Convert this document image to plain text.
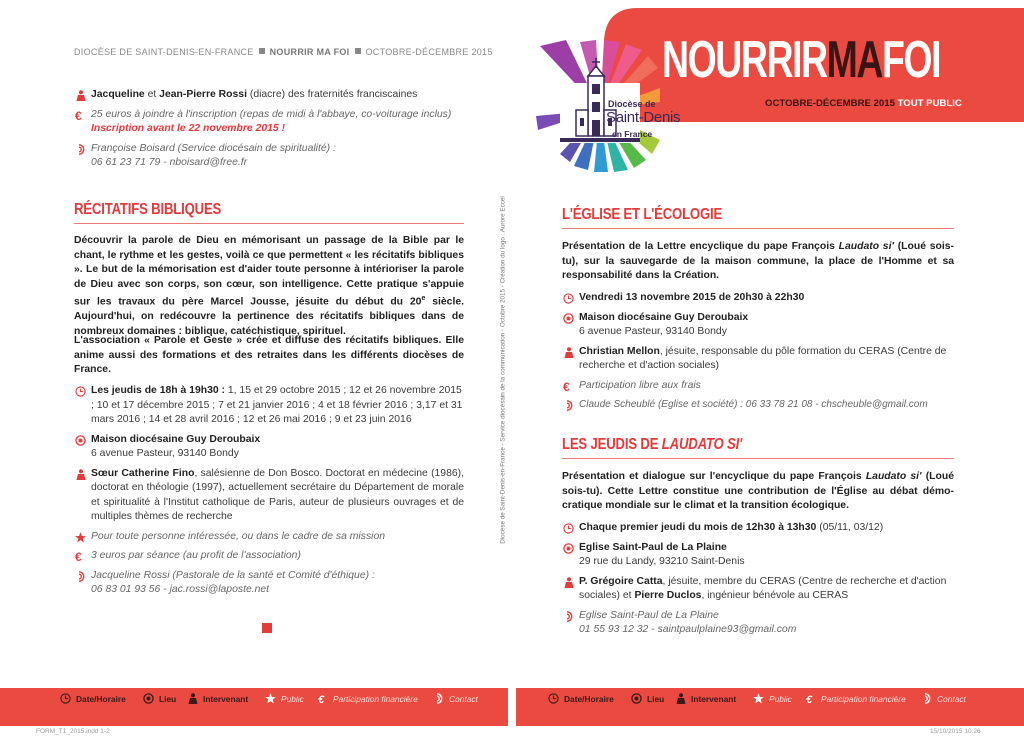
DIOCÈSE DE SAINT-DENIS-EN-FRANCE NOURRIR MA FOI OCTOBRE-DÉCEMBRE 2015
Jacqueline et Jean-Pierre Rossi (diacre) des fraternités franciscaines
€ 25 euros à joindre à l'inscription (repas de midi à l'abbaye, co-voiturage inclus)
Inscription avant le 22 novembre 2015 !
Françoise Boisard (Service diocésain de spiritualité) :
06 61 23 71 79 - nboisard@free.fr
RÉCITATIFS BIBLIQUES
Découvrir la parole de Dieu en mémorisant un passage de la Bible par le chant, le rythme et les gestes, voilà ce que permettent « les récitatifs bibliques ». Le but de la mémorisation est d'aider toute personne à intérioriser la parole de Dieu avec son corps, son cœur, son intelligence. Cette pratique s'appuie sur les travaux du père Marcel Jousse, jésuite du début du 20e siècle. Aujourd'hui, on redécouvre la pertinence des récitatifs bibliques dans de nombreux domaines : biblique, catéchistique, spirituel.
L'association « Parole et Geste » crée et diffuse des récitatifs bibliques. Elle anime aussi des formations et des retraites dans les différents diocèses de France.
Les jeudis de 18h à 19h30 : 1, 15 et 29 octobre 2015 ; 12 et 26 novembre 2015 ; 10 et 17 décembre 2015 ; 7 et 21 janvier 2016 ; 4 et 18 février 2016 ; 3,17 et 31 mars 2016 ; 14 et 28 avril 2016 ; 12 et 26 mai 2016 ; 9 et 23 juin 2016
Maison diocésaine Guy Deroubaix
6 avenue Pasteur, 93140 Bondy
Sœur Catherine Fino, salésienne de Don Bosco. Doctorat en médecine (1986), doctorat en théologie (1997), actuellement secrétaire du Département de morale et spiritualité à l'Institut catholique de Paris, auteur de plusieurs ouvrages et de multiples thèmes de recherche
Pour toute personne intéressée, ou dans le cadre de sa mission
€ 3 euros par séance (au profit de l'association)
Jacqueline Rossi (Pastorale de la santé et Comité d'éthique) :
06 83 01 93 56 - jac.rossi@laposte.net
Diocèse de Saint-Denis-en-France - Service diocésain de la communication - Octobre 2015 - Création du logo : Aurore Eccel
Diocèse de
Saint-Denis
en France
NOURRIRMAFOI
OCTOBRE-DÉCEMBRE 2015 TOUT PUBLIC
L'ÉGLISE ET L'ÉCOLOGIE
Présentation de la Lettre encyclique du pape François Laudato si' (Loué sois-tu), sur la sauvegarde de la maison commune, la place de l'Homme et sa responsabilité dans la Création.
Vendredi 13 novembre 2015 de 20h30 à 22h30
Maison diocésaine Guy Deroubaix
6 avenue Pasteur, 93140 Bondy
Christian Mellon, jésuite, responsable du pôle formation du CERAS (Centre de recherche et d'action sociales)
€ Participation libre aux frais
Claude Scheublé (Eglise et société) : 06 33 78 21 08 - chscheuble@gmail.com
LES JEUDIS DE LAUDATO SI'
Présentation et dialogue sur l'encyclique du pape François Laudato si' (Loué sois-tu). Cette Lettre constitue une contribution de l'Église au débat démocratique mondiale sur le climat et la transition écologique.
Chaque premier jeudi du mois de 12h30 à 13h30 (05/11, 03/12)
Eglise Saint-Paul de La Plaine
29 rue du Landy, 93210 Saint-Denis
P. Grégoire Catta, jésuite, membre du CERAS (Centre de recherche et d'action sociales) et Pierre Duclos, ingénieur bénévole au CERAS
Eglise Saint-Paul de La Plaine
01 55 93 12 32 - saintpaulplaine93@gmail.com
Date/Horaire	Lieu	Intervenant	Public € Participation financière	Contact	Date/Horaire	Lieu	Intervenant	Public € Participation financière	Contact
FORM_T1_2015.indd 1-2	15/10/2015 10:26
